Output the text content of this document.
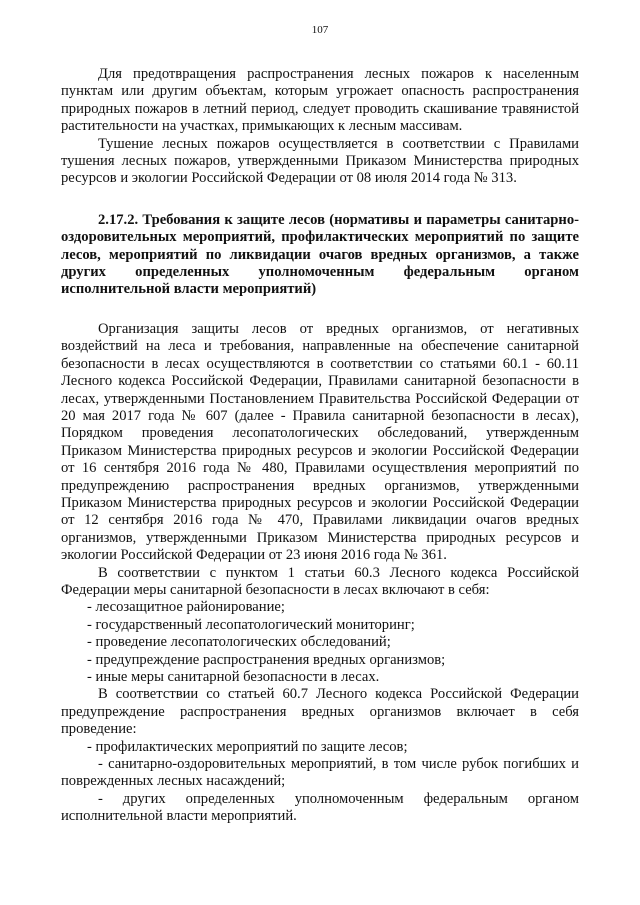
107

Для предотвращения распространения лесных пожаров к населенным пунктам или другим объектам, которым угрожает опасность распространения природных пожаров в летний период, следует проводить скашивание травянистой растительности на участках, примыкающих к лесным массивам.

Тушение лесных пожаров осуществляется в соответствии с Правилами тушения лесных пожаров, утвержденными Приказом Министерства природных ресурсов и экологии Российской Федерации от 08 июля 2014 года № 313.

2.17.2. Требования к защите лесов (нормативы и параметры санитарно-оздоровительных мероприятий, профилактических мероприятий по защите лесов, мероприятий по ликвидации очагов вредных организмов, а также других определенных уполномоченным федеральным органом исполнительной власти мероприятий)

Организация защиты лесов от вредных организмов, от негативных воздействий на леса и требования, направленные на обеспечение санитарной безопасности в лесах осуществляются в соответствии со статьями 60.1 - 60.11 Лесного кодекса Российской Федерации, Правилами санитарной безопасности в лесах, утвержденными Постановлением Правительства Российской Федерации от 20 мая 2017 года № 607 (далее - Правила санитарной безопасности в лесах), Порядком проведения лесопатологических обследований, утвержденным Приказом Министерства природных ресурсов и экологии Российской Федерации от 16 сентября 2016 года № 480, Правилами осуществления мероприятий по предупреждению распространения вредных организмов, утвержденными Приказом Министерства природных ресурсов и экологии Российской Федерации от 12 сентября 2016 года № 470, Правилами ликвидации очагов вредных организмов, утвержденными Приказом Министерства природных ресурсов и экологии Российской Федерации от 23 июня 2016 года № 361.

В соответствии с пунктом 1 статьи 60.3 Лесного кодекса Российской Федерации меры санитарной безопасности в лесах включают в себя:

- лесозащитное районирование;

- государственный лесопатологический мониторинг;

- проведение лесопатологических обследований;

- предупреждение распространения вредных организмов;

- иные меры санитарной безопасности в лесах.

В соответствии со статьей 60.7 Лесного кодекса Российской Федерации предупреждение распространения вредных организмов включает в себя проведение:

- профилактических мероприятий по защите лесов;

- санитарно-оздоровительных мероприятий, в том числе рубок погибших и поврежденных лесных насаждений;

- других определенных уполномоченным федеральным органом исполнительной власти мероприятий.
